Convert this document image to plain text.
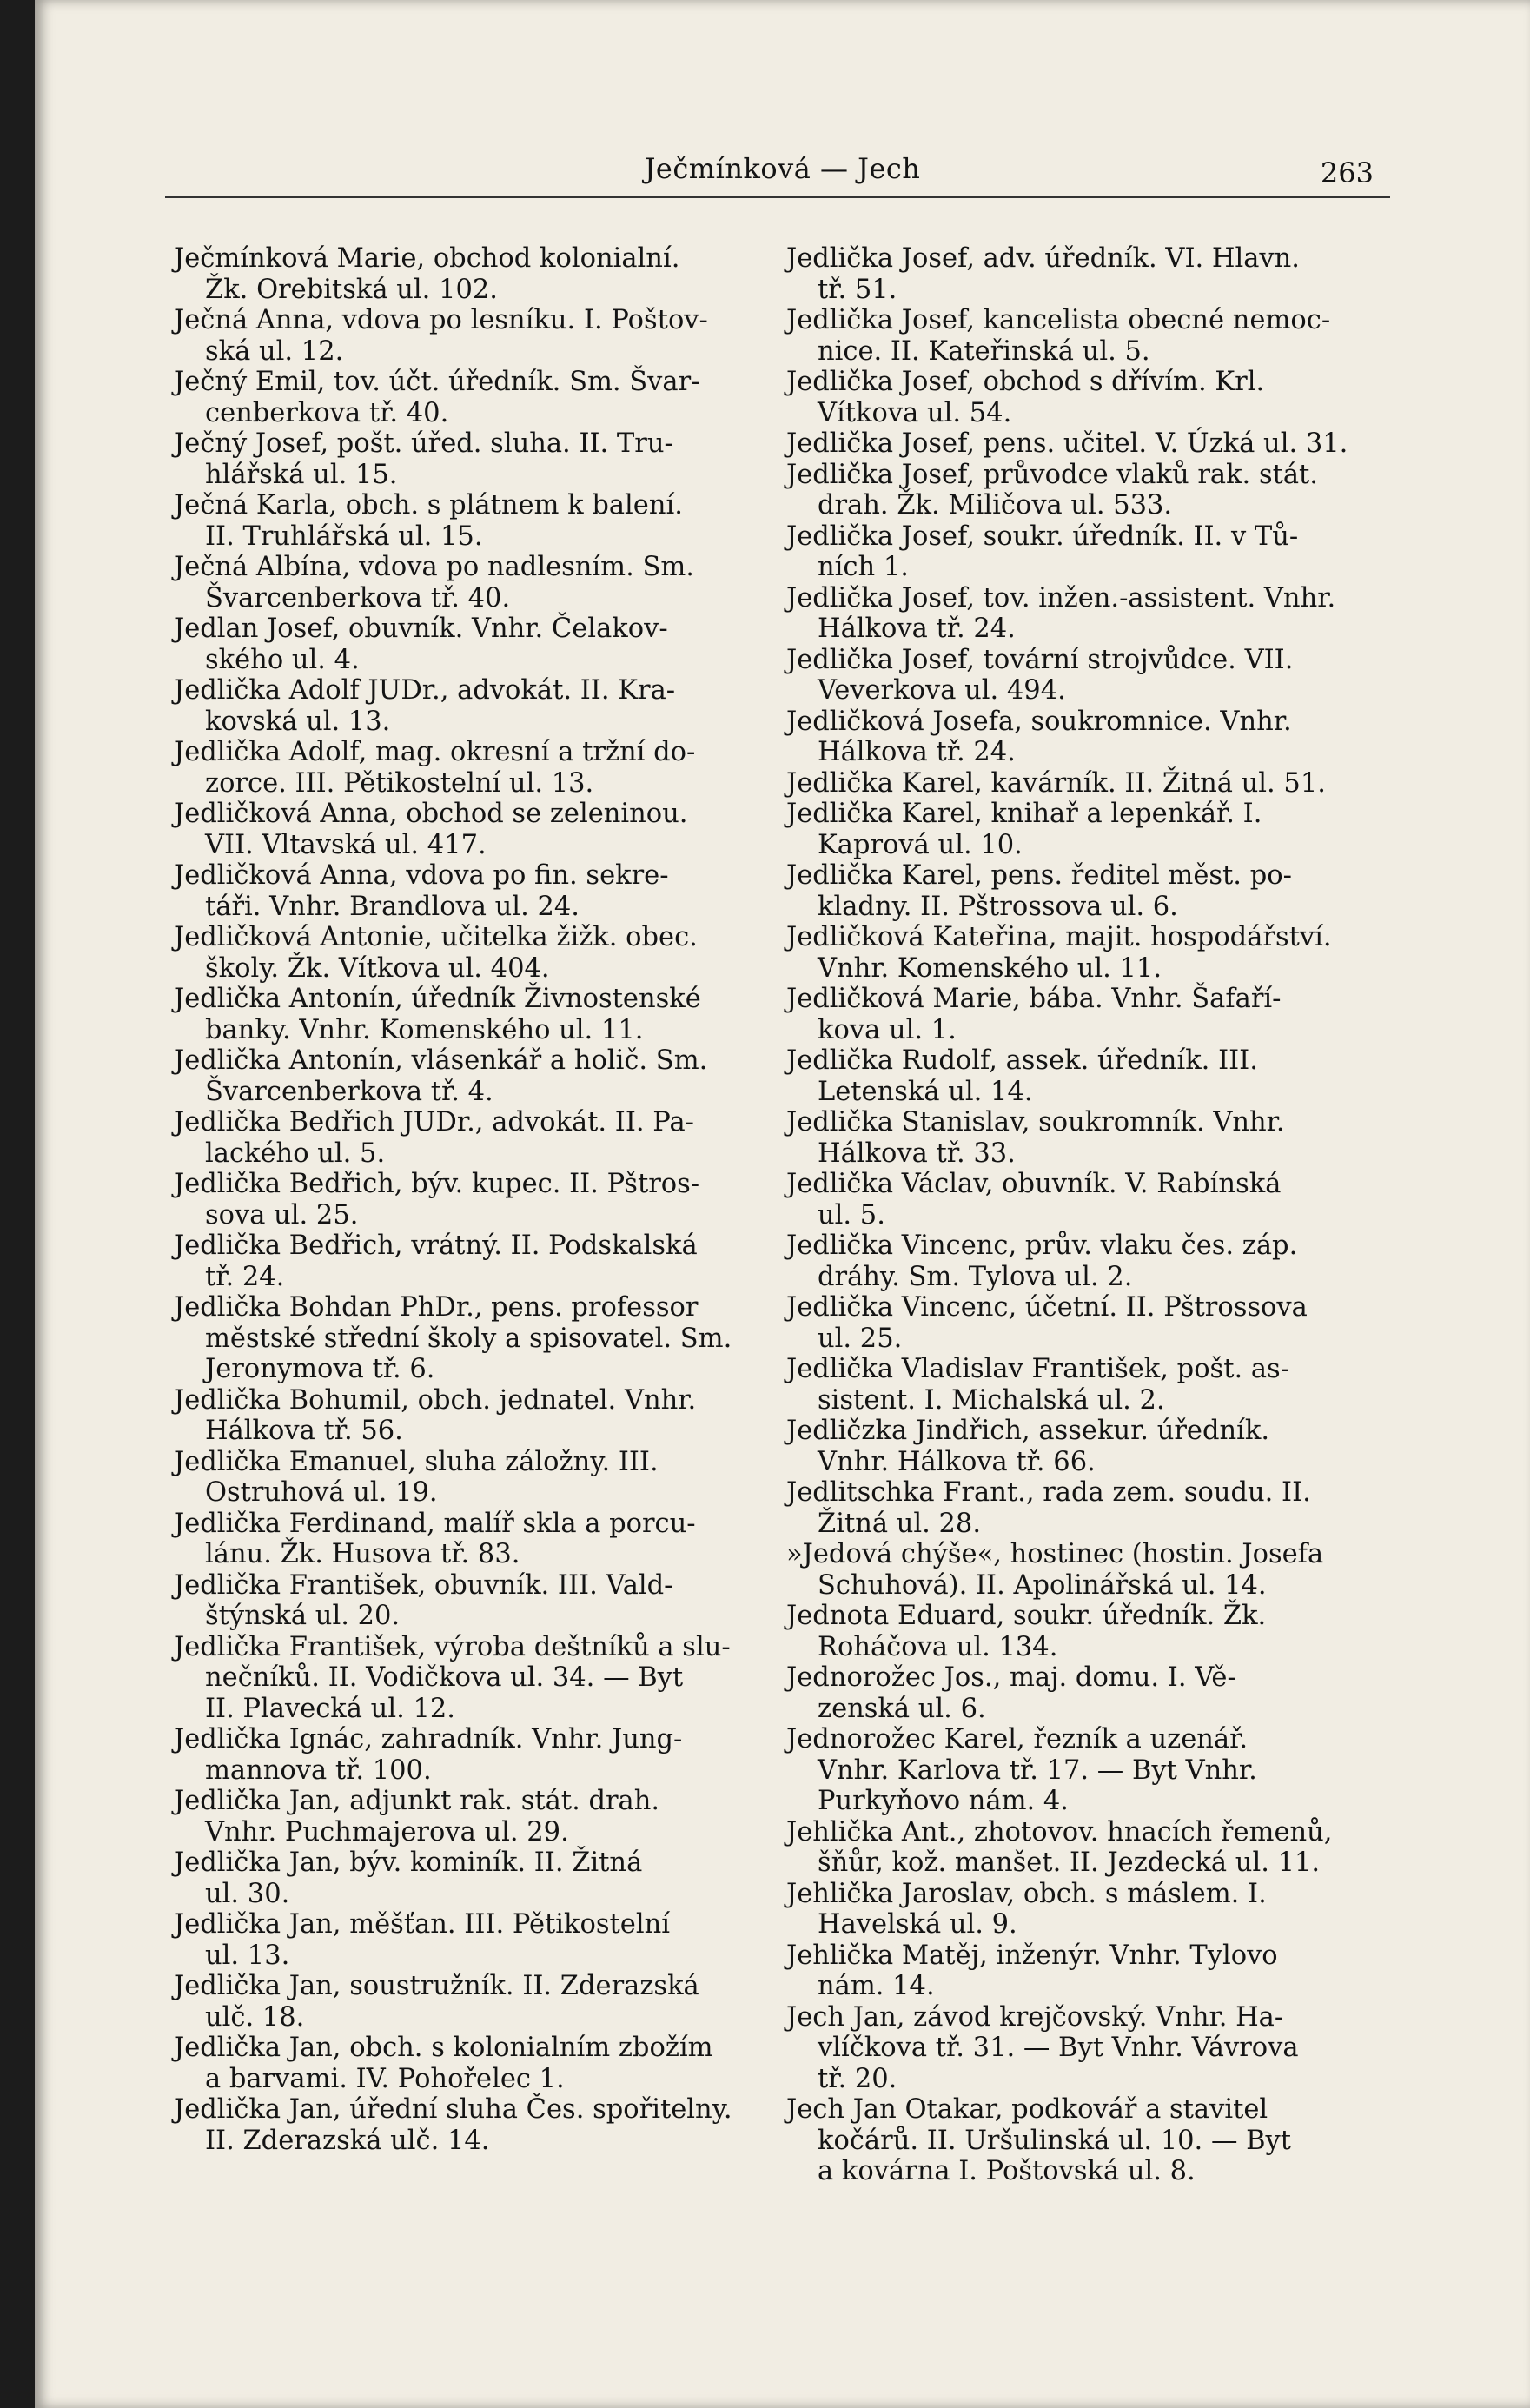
Ječmínková — Jech	263
Ječmínková Marie, obchod kolonialní.
Žk. Orebitská ul. 102.
Ječná Anna, vdova po lesníku. I. Poštov-
ská ul. 12.
Ječný Emil, tov. účt. úředník. Sm. Švar-
cenberkova tř. 40.
Ječný Josef, pošt. úřed. sluha. II. Tru-
hlářská ul. 15.
Ječná Karla, obch. s plátnem k balení.
II. Truhlářská ul. 15.
Ječná Albína, vdova po nadlesním. Sm.
Švarcenberkova tř. 40.
Jedlan Josef, obuvník. Vnhr. Čelakov-
ského ul. 4.
Jedlička Adolf JUDr., advokát. II. Kra-
kovská ul. 13.
Jedlička Adolf, mag. okresní a tržní do-
zorce. III. Pětikostelní ul. 13.
Jedličková Anna, obchod se zeleninou.
VII. Vltavská ul. 417.
Jedličková Anna, vdova po fin. sekre-
táři. Vnhr. Brandlova ul. 24.
Jedličková Antonie, učitelka žižk. obec.
školy. Žk. Vítkova ul. 404.
Jedlička Antonín, úředník Živnostenské
banky. Vnhr. Komenského ul. 11.
Jedlička Antonín, vlásenkář a holič. Sm.
Švarcenberkova tř. 4.
Jedlička Bedřich JUDr., advokát. II. Pa-
lackého ul. 5.
Jedlička Bedřich, býv. kupec. II. Pštros-
sova ul. 25.
Jedlička Bedřich, vrátný. II. Podskalská
tř. 24.
Jedlička Bohdan PhDr., pens. professor
městské střední školy a spisovatel. Sm.
Jeronymova tř. 6.
Jedlička Bohumil, obch. jednatel. Vnhr.
Hálkova tř. 56.
Jedlička Emanuel, sluha záložny. III.
Ostruhová ul. 19.
Jedlička Ferdinand, malíř skla a porcu-
lánu. Žk. Husova tř. 83.
Jedlička František, obuvník. III. Vald-
štýnská ul. 20.
Jedlička František, výroba deštníků a slu-
nečníků. II. Vodičkova ul. 34. — Byt
II. Plavecká ul. 12.
Jedlička Ignác, zahradník. Vnhr. Jung-
mannova tř. 100.
Jedlička Jan, adjunkt rak. stát. drah.
Vnhr. Puchmajerova ul. 29.
Jedlička Jan, býv. kominík. II. Žitná
ul. 30.
Jedlička Jan, měšťan. III. Pětikostelní
ul. 13.
Jedlička Jan, soustružník. II. Zderazská
ulč. 18.
Jedlička Jan, obch. s kolonialním zbožím
a barvami. IV. Pohořelec 1.
Jedlička Jan, úřední sluha Čes. spořitelny.
II. Zderazská ulč. 14.
Jedlička Josef, adv. úředník. VI. Hlavn.
tř. 51.
Jedlička Josef, kancelista obecné nemoc-
nice. II. Kateřinská ul. 5.
Jedlička Josef, obchod s dřívím. Krl.
Vítkova ul. 54.
Jedlička Josef, pens. učitel. V. Úzká ul. 31.
Jedlička Josef, průvodce vlaků rak. stát.
drah. Žk. Miličova ul. 533.
Jedlička Josef, soukr. úředník. II. v Tů-
ních 1.
Jedlička Josef, tov. inžen.-assistent. Vnhr.
Hálkova tř. 24.
Jedlička Josef, tovární strojvůdce. VII.
Veverkova ul. 494.
Jedličková Josefa, soukromnice. Vnhr.
Hálkova tř. 24.
Jedlička Karel, kavárník. II. Žitná ul. 51.
Jedlička Karel, knihař a lepenkář. I.
Kaprová ul. 10.
Jedlička Karel, pens. ředitel měst. po-
kladny. II. Pštrossova ul. 6.
Jedličková Kateřina, majit. hospodářství.
Vnhr. Komenského ul. 11.
Jedličková Marie, bába. Vnhr. Šafaří-
kova ul. 1.
Jedlička Rudolf, assek. úředník. III.
Letenská ul. 14.
Jedlička Stanislav, soukromník. Vnhr.
Hálkova tř. 33.
Jedlička Václav, obuvník. V. Rabínská
ul. 5.
Jedlička Vincenc, prův. vlaku čes. záp.
dráhy. Sm. Tylova ul. 2.
Jedlička Vincenc, účetní. II. Pštrossova
ul. 25.
Jedlička Vladislav František, pošt. as-
sistent. I. Michalská ul. 2.
Jedličzka Jindřich, assekur. úředník.
Vnhr. Hálkova tř. 66.
Jedlitschka Frant., rada zem. soudu. II.
Žitná ul. 28.
»Jedová chýše«, hostinec (hostin. Josefa
Schuhová). II. Apolinářská ul. 14.
Jednota Eduard, soukr. úředník. Žk.
Roháčova ul. 134.
Jednorožec Jos., maj. domu. I. Vě-
zenská ul. 6.
Jednorožec Karel, řezník a uzenář.
Vnhr. Karlova tř. 17. — Byt Vnhr.
Purkyňovo nám. 4.
Jehlička Ant., zhotovov. hnacích řemenů,
šňůr, kož. manšet. II. Jezdecká ul. 11.
Jehlička Jaroslav, obch. s máslem. I.
Havelská ul. 9.
Jehlička Matěj, inženýr. Vnhr. Tylovo
nám. 14.
Jech Jan, závod krejčovský. Vnhr. Ha-
vlíčkova tř. 31. — Byt Vnhr. Vávrova
tř. 20.
Jech Jan Otakar, podkovář a stavitel
kočárů. II. Uršulinská ul. 10. — Byt
a kovárna I. Poštovská ul. 8.
